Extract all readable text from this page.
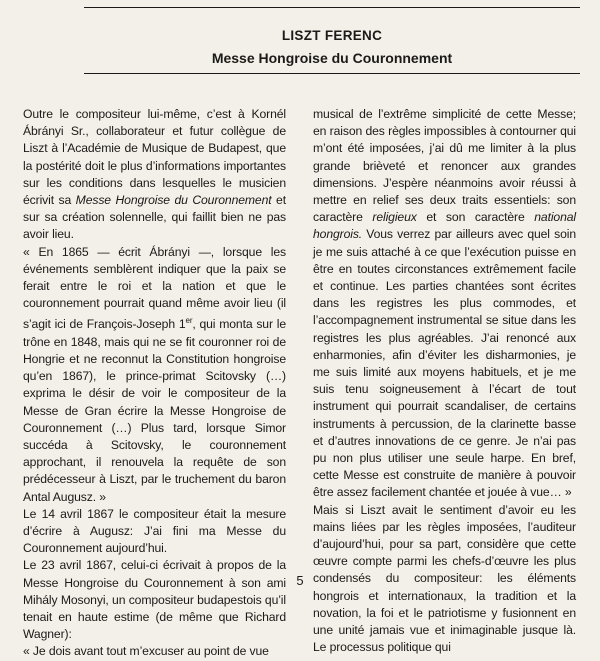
LISZT FERENC
Messe Hongroise du Couronnement

Outre le compositeur lui-même, c’est à Kornél Ábrányi Sr., collaborateur et futur collègue de Liszt à l’Académie de Musique de Budapest, que la postérité doit le plus d’informations importantes sur les conditions dans lesquelles le musicien écrivit sa Messe Hongroise du Couronnement et sur sa création solennelle, qui faillit bien ne pas avoir lieu.

« En 1865 — écrit Ábrányi —, lorsque les événements semblèrent indiquer que la paix se ferait entre le roi et la nation et que le couronnement pourrait quand même avoir lieu (il s’agit ici de François-Joseph 1er, qui monta sur le trône en 1848, mais qui ne se fit couronner roi de Hongrie et ne reconnut la Constitution hongroise qu’en 1867), le prince-primat Scitovsky (…) exprima le désir de voir le compositeur de la Messe de Gran écrire la Messe Hongroise de Couronnement (…) Plus tard, lorsque Simor succéda à Scitovsky, le couronnement approchant, il renouvela la requête de son prédécesseur à Liszt, par le truchement du baron Antal Augusz. »

Le 14 avril 1867 le compositeur était la mesure d’écrire à Augusz: J’ai fini ma Messe du Couronnement aujourd’hui.

Le 23 avril 1867, celui-ci écrivait à propos de la Messe Hongroise du Couronnement à son ami Mihály Mosonyi, un compositeur budapestois qu’il tenait en haute estime (de même que Richard Wagner):

« Je dois avant tout m’excuser au point de vue

musical de l’extrême simplicité de cette Messe; en raison des règles impossibles à contourner qui m’ont été imposées, j’ai dû me limiter à la plus grande brièveté et renoncer aux grandes dimensions. J’espère néanmoins avoir réussi à mettre en relief ses deux traits essentiels: son caractère religieux et son caractère national hongrois. Vous verrez par ailleurs avec quel soin je me suis attaché à ce que l’exécution puisse en être en toutes circonstances extrêmement facile et continue. Les parties chantées sont écrites dans les registres les plus commodes, et l’accompagnement instrumental se situe dans les registres les plus agréables. J’ai renoncé aux enharmonies, afin d’éviter les disharmonies, je me suis limité aux moyens habituels, et je me suis tenu soigneusement à l’écart de tout instrument qui pourrait scandaliser, de certains instruments à percussion, de la clarinette basse et d’autres innovations de ce genre. Je n’ai pas pu non plus utiliser une seule harpe. En bref, cette Messe est construite de manière à pouvoir être assez facilement chantée et jouée à vue… »

Mais si Liszt avait le sentiment d’avoir eu les mains liées par les règles imposées, l’auditeur d’aujourd’hui, pour sa part, considère que cette œuvre compte parmi les chefs-d’œuvre les plus condensés du compositeur: les éléments hongrois et internationaux, la tradition et la novation, la foi et le patriotisme y fusionnent en une unité jamais vue et inimaginable jusque là. Le processus politique qui

5
